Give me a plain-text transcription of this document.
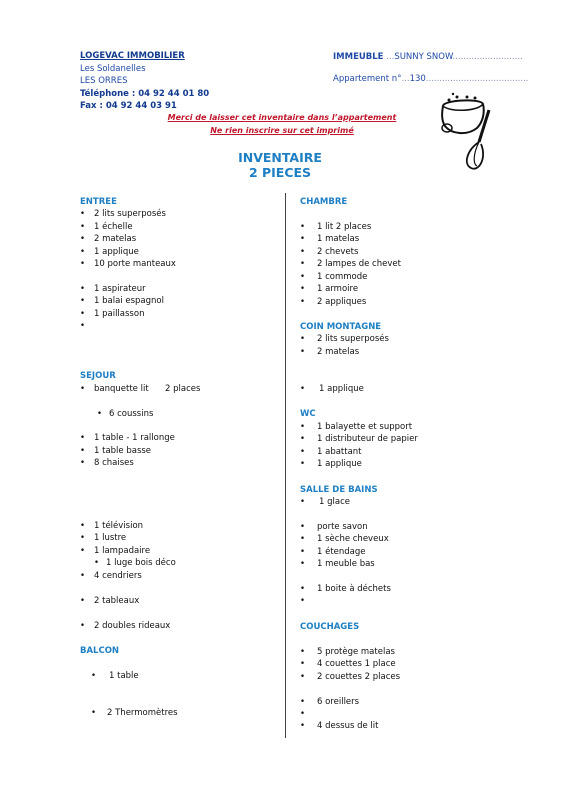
LOGEVAC IMMOBILIER
Les Soldanelles
LES ORRES
Téléphone : 04 92 44 01 80
Fax : 04 92 44 03 91
IMMEUBLE ...SUNNY SNOW..........................
Appartement n°...130......................................
Merci de laisser cet inventaire dans l’appartement
Ne rien inscrire sur cet imprimé
INVENTAIRE
2 PIECES
ENTREE
• 2 lits superposés
• 1 échelle
• 2 matelas
• 1 applique
• 10 porte manteaux
• 1 aspirateur
• 1 balai espagnol
• 1 paillasson
•
SEJOUR
• banquette lit 2 places
• 6 coussins
• 1 table - 1 rallonge
• 1 table basse
• 8 chaises
• 1 télévision
• 1 lustre
• 1 lampadaire
• 1 luge bois déco
• 4 cendriers
• 2 tableaux
• 2 doubles rideaux
BALCON
• 1 table
• 2 Thermomètres
CHAMBRE
• 1 lit 2 places
• 1 matelas
• 2 chevets
• 2 lampes de chevet
• 1 commode
• 1 armoire
• 2 appliques
COIN MONTAGNE
• 2 lits superposés
• 2 matelas
• 1 applique
WC
• 1 balayette et support
• 1 distributeur de papier
• 1 abattant
• 1 applique
SALLE DE BAINS
• 1 glace
• porte savon
• 1 sèche cheveux
• 1 étendage
• 1 meuble bas
• 1 boite à déchets
•
COUCHAGES
• 5 protège matelas
• 4 couettes 1 place
• 2 couettes 2 places
• 6 oreillers
•
• 4 dessus de lit
